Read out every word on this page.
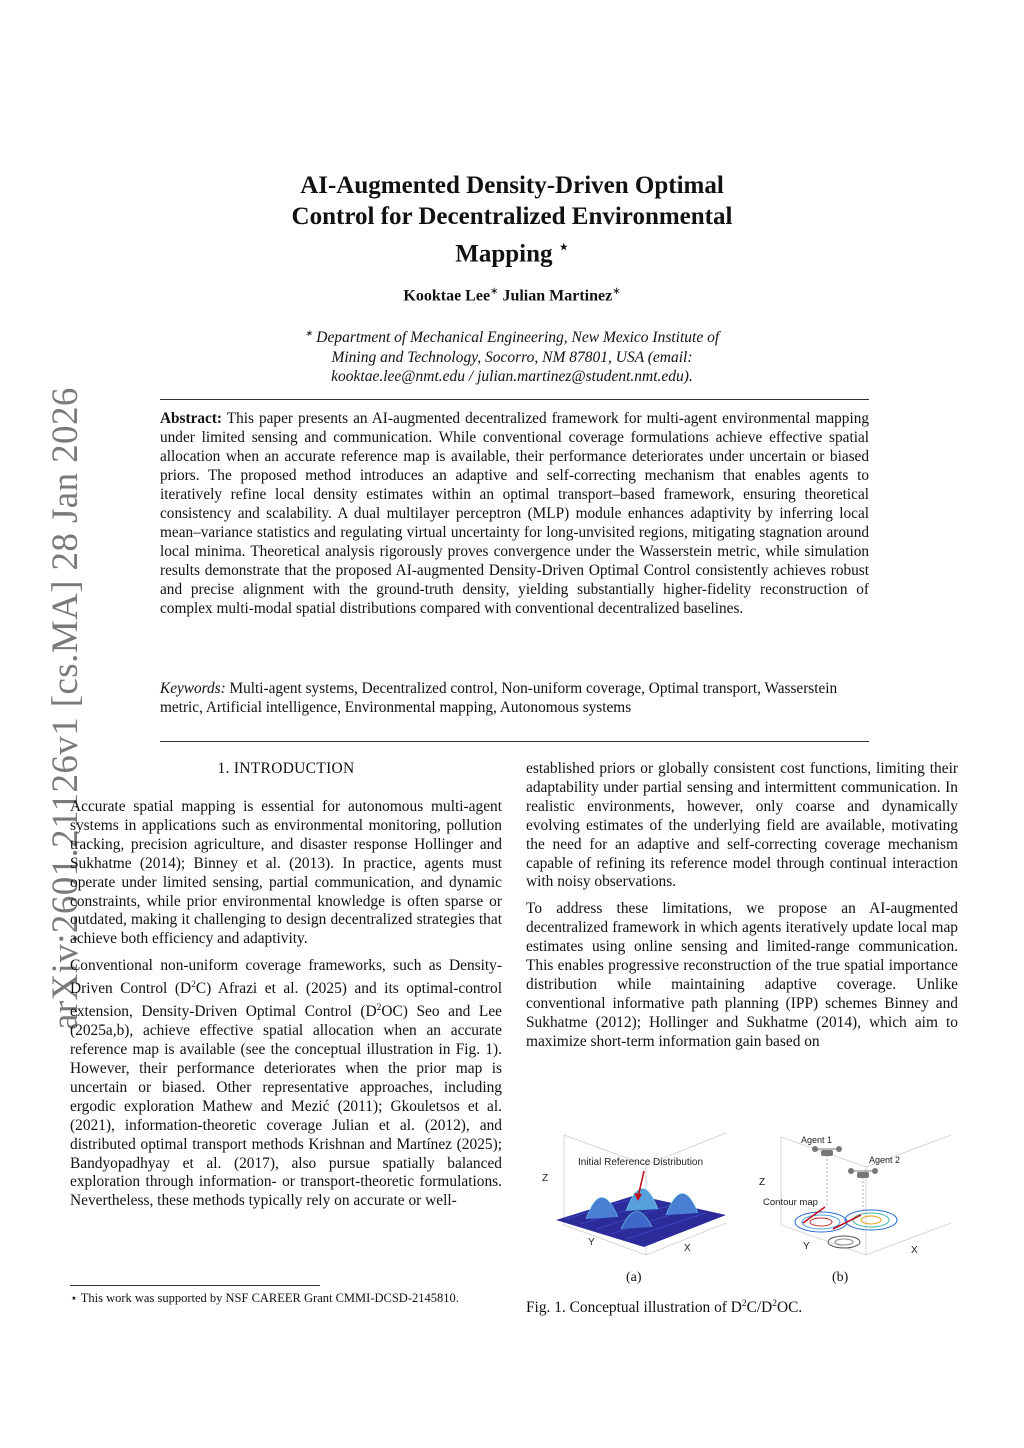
arXiv:2601.21126v1 [cs.MA] 28 Jan 2026
AI-Augmented Density-Driven Optimal
Control for Decentralized Environmental
Mapping ⋆
Kooktae Lee∗ Julian Martinez∗
∗ Department of Mechanical Engineering, New Mexico Institute of
Mining and Technology, Socorro, NM 87801, USA (email:
kooktae.lee@nmt.edu / julian.martinez@student.nmt.edu).
Abstract: This paper presents an AI-augmented decentralized framework for multi-agent environmental mapping under limited sensing and communication. While conventional coverage formulations achieve effective spatial allocation when an accurate reference map is available, their performance deteriorates under uncertain or biased priors. The proposed method introduces an adaptive and self-correcting mechanism that enables agents to iteratively refine local density estimates within an optimal transport–based framework, ensuring theoretical consistency and scalability. A dual multilayer perceptron (MLP) module enhances adaptivity by inferring local mean–variance statistics and regulating virtual uncertainty for long-unvisited regions, mitigating stagnation around local minima. Theoretical analysis rigorously proves convergence under the Wasserstein metric, while simulation results demonstrate that the proposed AI-augmented Density-Driven Optimal Control consistently achieves robust and precise alignment with the ground-truth density, yielding substantially higher-fidelity reconstruction of complex multi-modal spatial distributions compared with conventional decentralized baselines.
Keywords: Multi-agent systems, Decentralized control, Non-uniform coverage, Optimal transport, Wasserstein metric, Artificial intelligence, Environmental mapping, Autonomous systems
1. INTRODUCTION

Accurate spatial mapping is essential for autonomous multi-agent systems in applications such as environmental monitoring, pollution tracking, precision agriculture, and disaster response Hollinger and Sukhatme (2014); Binney et al. (2013). In practice, agents must operate under limited sensing, partial communication, and dynamic constraints, while prior environmental knowledge is often sparse or outdated, making it challenging to design decentralized strategies that achieve both efficiency and adaptivity.

Conventional non-uniform coverage frameworks, such as Density-Driven Control $(D^2C)$ Afrazi et al. (2025) and its optimal-control extension, Density-Driven Optimal Control $(D^2OC)$ Seo and Lee (2025a,b), achieve effective spatial allocation when an accurate reference map is available (see the conceptual illustration in Fig. 1). However, their performance deteriorates when the prior map is uncertain or biased. Other representative approaches, including ergodic exploration Mathew and Mezić (2011); Gkouletsos et al. (2021), information-theoretic coverage Julian et al. (2012), and distributed optimal transport methods Krishnan and Martínez (2025); Bandyopadhyay et al. (2017), also pursue spatially balanced exploration through information- or transport-theoretic formulations. Nevertheless, these methods typically rely on accurate or well-

⋆ This work was supported by NSF CAREER Grant CMMI-DCSD-2145810.

established priors or globally consistent cost functions, limiting their adaptability under partial sensing and intermittent communication. In realistic environments, however, only coarse and dynamically evolving estimates of the underlying field are available, motivating the need for an adaptive and self-correcting coverage mechanism capable of refining its reference model through continual interaction with noisy observations.

To address these limitations, we propose an AI-augmented decentralized framework in which agents iteratively update local map estimates using online sensing and limited-range communication. This enables progressive reconstruction of the true spatial importance distribution while maintaining adaptive coverage. Unlike conventional informative path planning (IPP) schemes Binney and Sukhatme (2012); Hollinger and Sukhatme (2014), which aim to maximize short-term information gain based on

Initial Reference Distribution
Z
Y
X
(a)
Agent 1
Agent 2
Contour map
Z
Y	X
(b)
Fig. 1. Conceptual illustration of $D^2C/D^2OC$.
